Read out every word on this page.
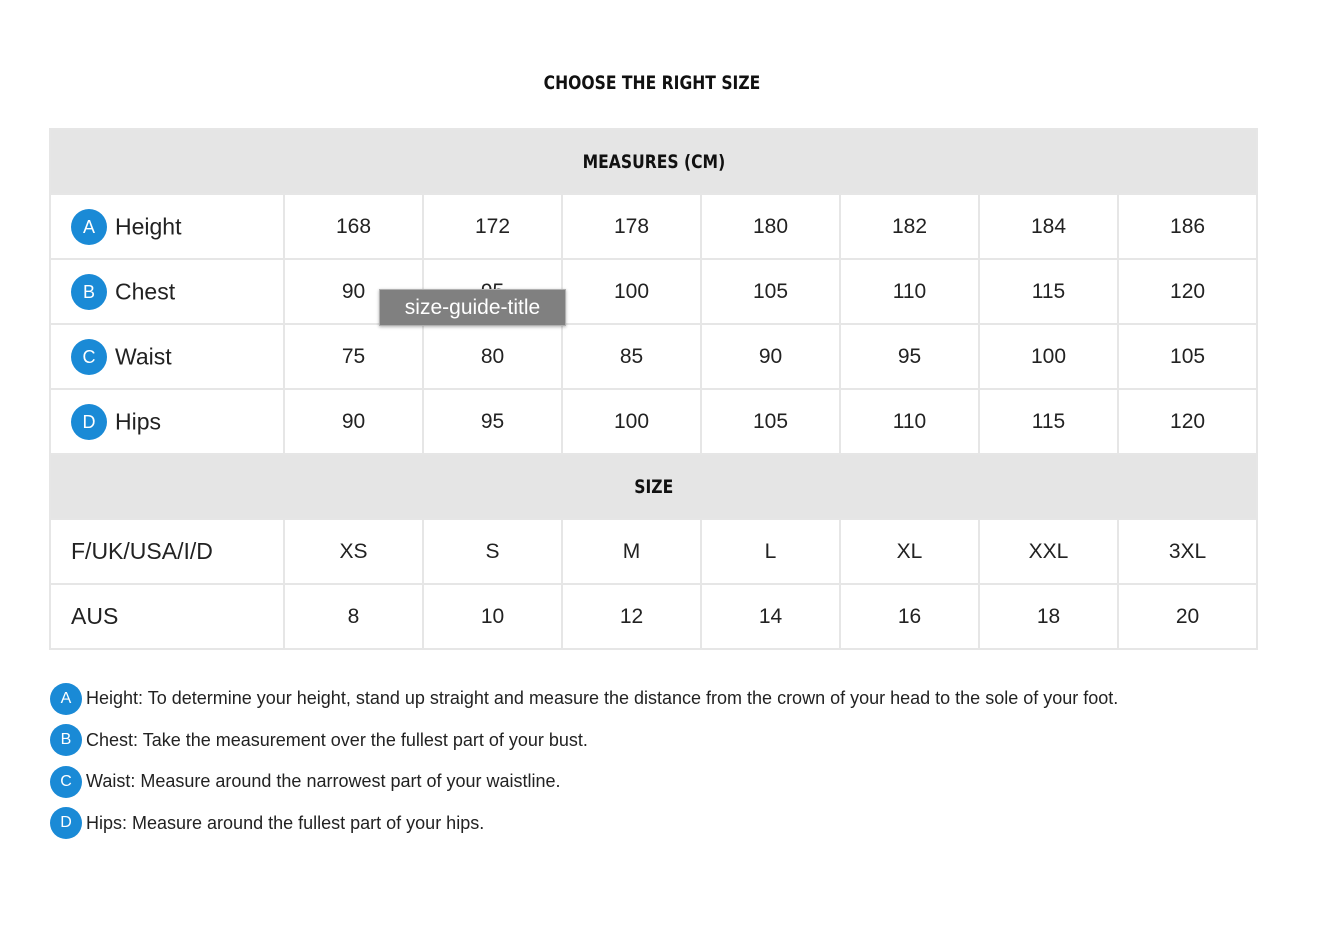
CHOOSE THE RIGHT SIZE
MEASURES (CM)							
A Height	168	172	178	180	182	184	186
B Chest	90		100	105	110	115	120
C Waist	75	80	85	90	95	100	105
D Hips	90	95	100	105	110	115	120
SIZE							
F/UK/USA/I/D	XS	S	M	L	XL	XXL	3XL
AUS	8	10	12	14	16	18	20
A Height: To determine your height, stand up straight and measure the distance from the crown of your head to the sole of your foot.
B Chest: Take the measurement over the fullest part of your bust.
C Waist: Measure around the narrowest part of your waistline.
D Hips: Measure around the fullest part of your hips.
size-guide-title
